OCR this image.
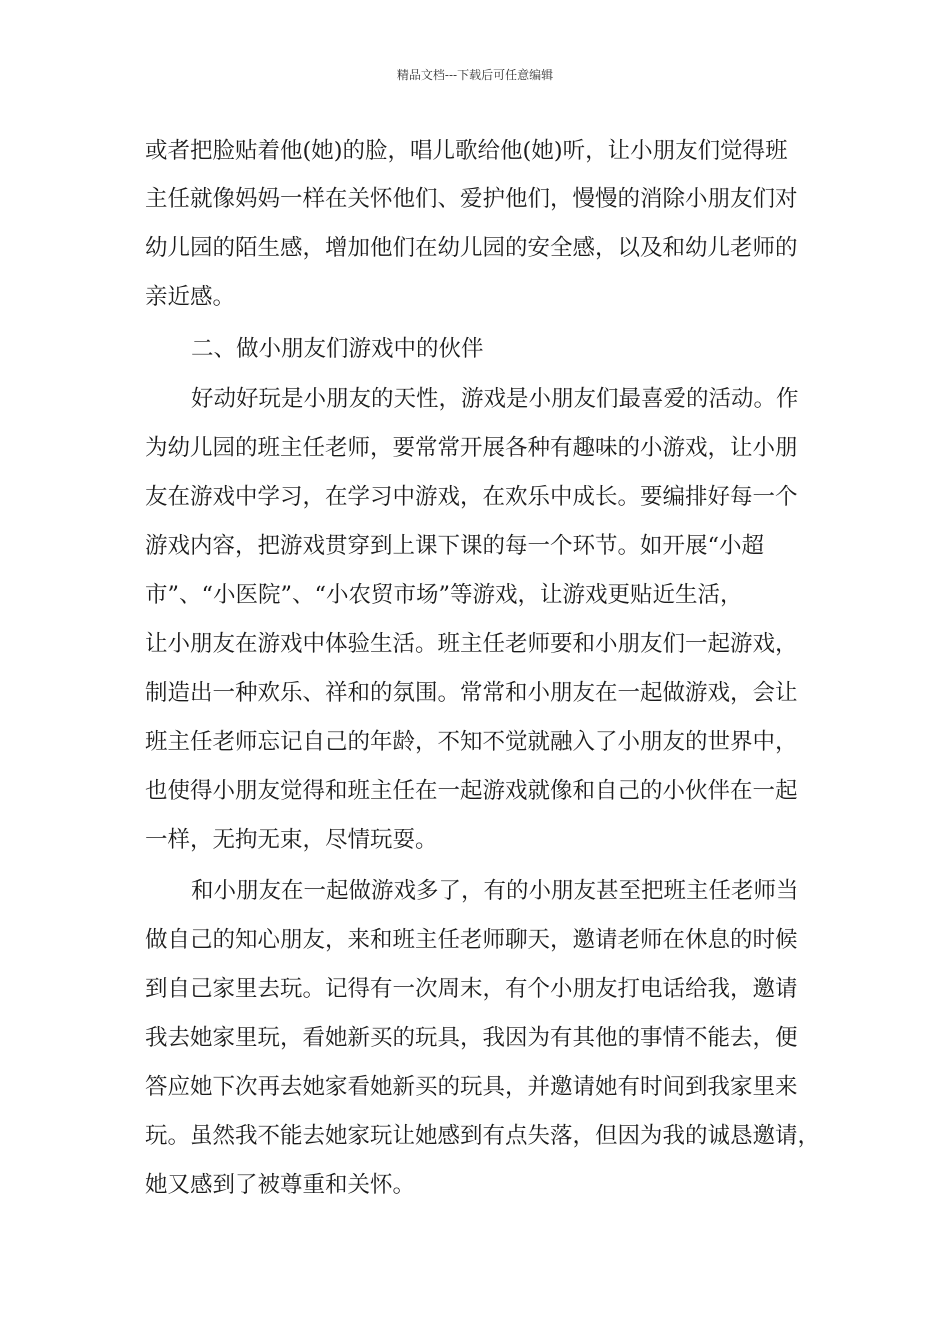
精品文档---下载后可任意编辑
或者把脸贴着他(她)的脸，唱儿歌给他(她)听，让小朋友们觉得班
主任就像妈妈一样在关怀他们、爱护他们，慢慢的消除小朋友们对
幼儿园的陌生感，增加他们在幼儿园的安全感，以及和幼儿老师的
亲近感。
二、做小朋友们游戏中的伙伴
好动好玩是小朋友的天性，游戏是小朋友们最喜爱的活动。作
为幼儿园的班主任老师，要常常开展各种有趣味的小游戏，让小朋
友在游戏中学习，在学习中游戏，在欢乐中成长。要编排好每一个
游戏内容，把游戏贯穿到上课下课的每一个环节。如开展“小超
市”、“小医院”、“小农贸市场”等游戏，让游戏更贴近生活，
让小朋友在游戏中体验生活。班主任老师要和小朋友们一起游戏，
制造出一种欢乐、祥和的氛围。常常和小朋友在一起做游戏，会让
班主任老师忘记自己的年龄，不知不觉就融入了小朋友的世界中，
也使得小朋友觉得和班主任在一起游戏就像和自己的小伙伴在一起
一样，无拘无束，尽情玩耍。
和小朋友在一起做游戏多了，有的小朋友甚至把班主任老师当
做自己的知心朋友，来和班主任老师聊天，邀请老师在休息的时候
到自己家里去玩。记得有一次周末，有个小朋友打电话给我，邀请
我去她家里玩，看她新买的玩具，我因为有其他的事情不能去，便
答应她下次再去她家看她新买的玩具，并邀请她有时间到我家里来
玩。虽然我不能去她家玩让她感到有点失落，但因为我的诚恳邀请，
她又感到了被尊重和关怀。
